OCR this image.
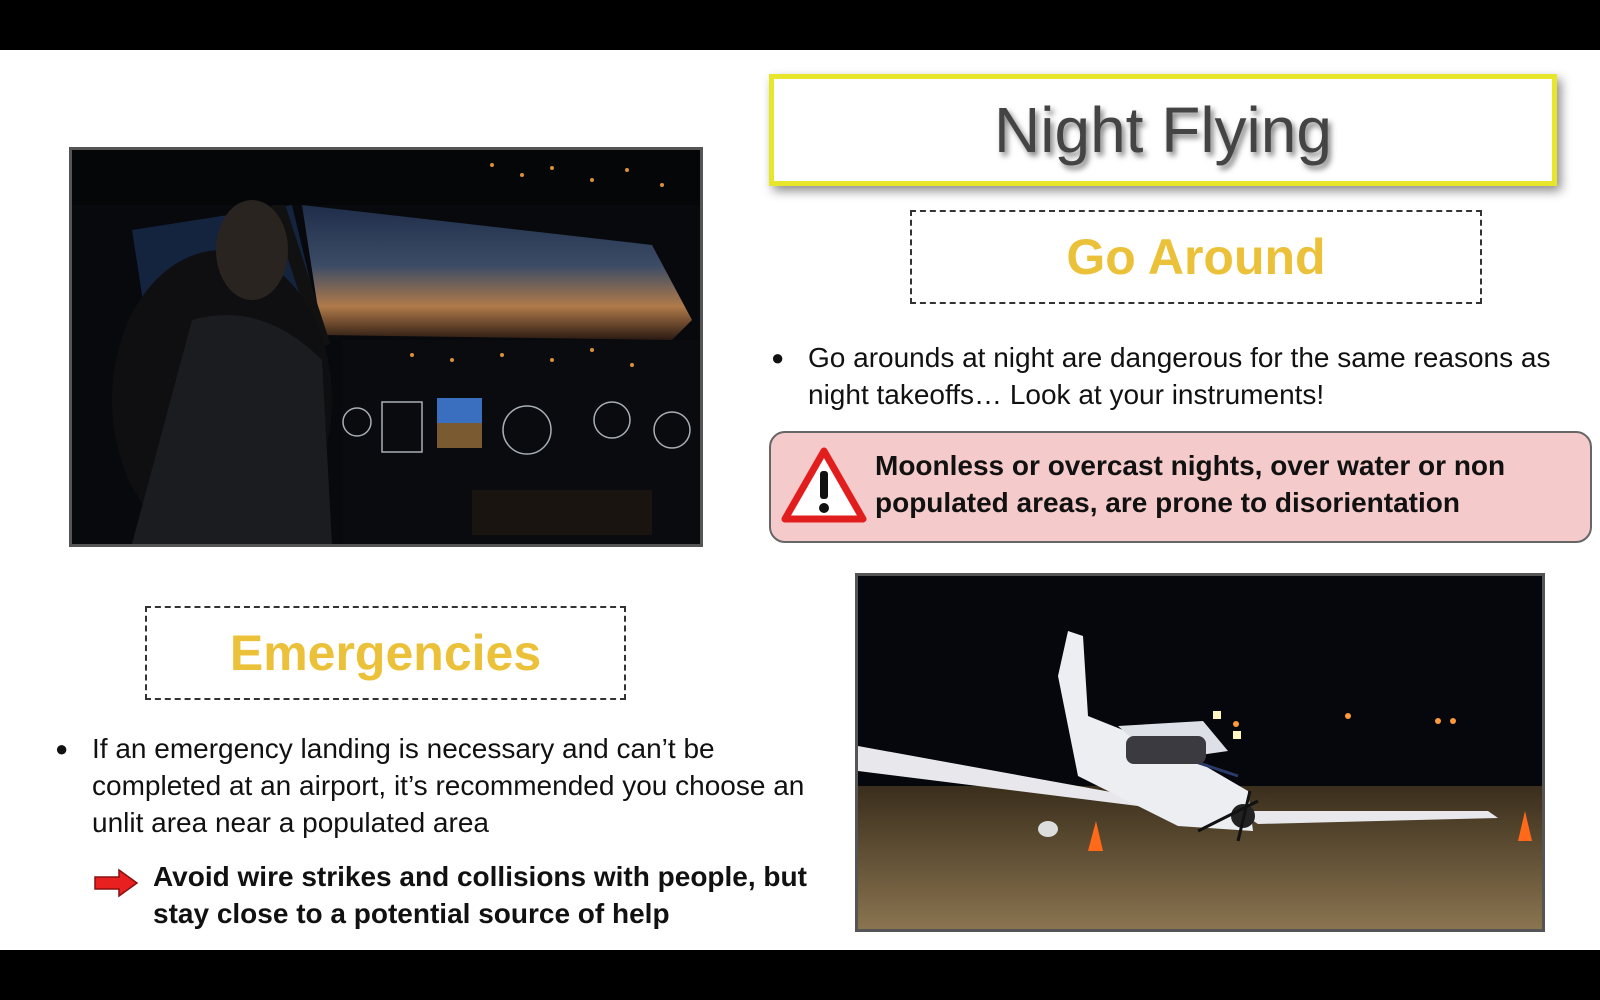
Night Flying
Go Around
● Go arounds at night are dangerous for the same reasons as night takeoffs… Look at your instruments!
Moonless or overcast nights, over water or non populated areas, are prone to disorientation
Emergencies
● If an emergency landing is necessary and can’t be completed at an airport, it’s recommended you choose an unlit area near a populated area
Avoid wire strikes and collisions with people, but stay close to a potential source of help
